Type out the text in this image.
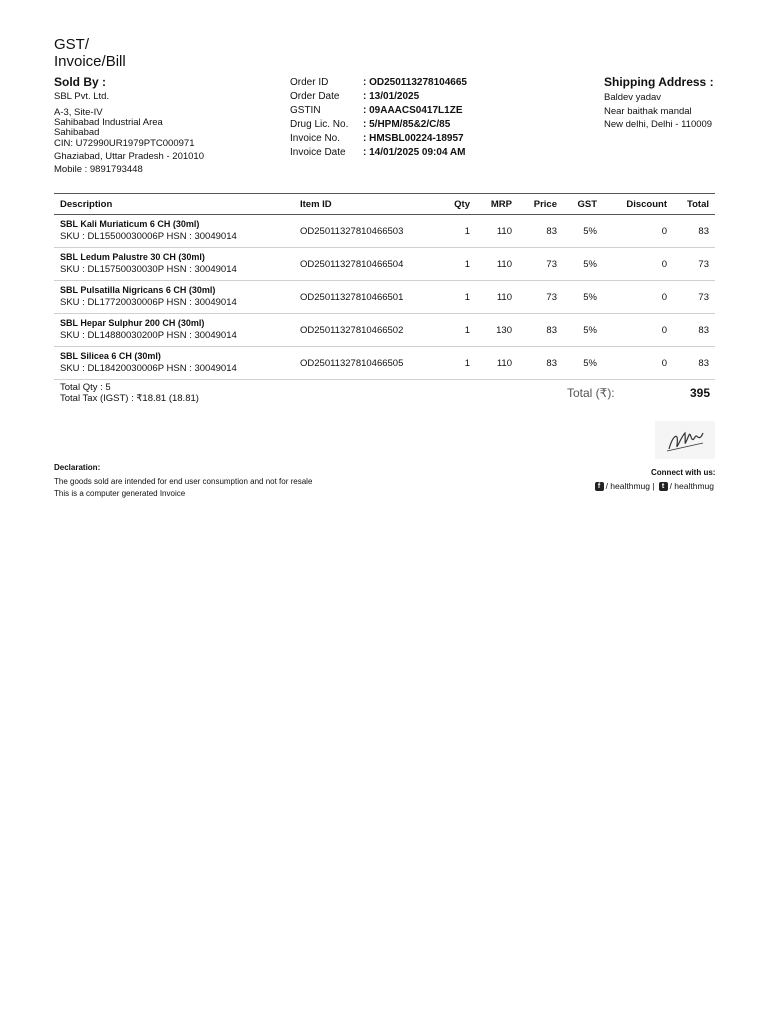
GST/
Invoice/Bill
Sold By :
SBL Pvt. Ltd.
A-3, Site-IV
Sahibabad Industrial Area
Sahibabad
CIN: U72990UR1979PTC000971
Ghaziabad, Uttar Pradesh - 201010
Mobile : 9891793448
Order ID	: OD250113278104665
Order Date	: 13/01/2025
GSTIN	: 09AAACS0417L1ZE
Drug Lic. No.	: 5/HPM/85&2/C/85
Invoice No.	: HMSBL00224-18957
Invoice Date	: 14/01/2025 09:04 AM
Shipping Address :
Baldev yadav
Near baithak mandal
New delhi, Delhi - 110009
Description	Item ID	Qty	MRP	Price	GST	Discount	Total

SBL Kali Muriaticum 6 CH (30ml)
SKU : DL15500030006P HSN : 30049014	OD25011327810466503	1	110	83	5%	0	83

SBL Ledum Palustre 30 CH (30ml)
SKU : DL15750030030P HSN : 30049014	OD25011327810466504	1	110	73	5%	0	73

SBL Pulsatilla Nigricans 6 CH (30ml)
SKU : DL17720030006P HSN : 30049014	OD25011327810466501	1	110	73	5%	0	73

SBL Hepar Sulphur 200 CH (30ml)
SKU : DL14880030200P HSN : 30049014	OD25011327810466502	1	130	83	5%	0	83

SBL Silicea 6 CH (30ml)
SKU : DL18420030006P HSN : 30049014	OD25011327810466505	1	110	83	5%	0	83
Total Qty : 5
Total Tax (IGST) : ₹18.81 (18.81)	Total (₹):	395
Declaration:
The goods sold are intended for end user consumption and not for resale
This is a computer generated Invoice
Connect with us:
f / healthmug |	t / healthmug
